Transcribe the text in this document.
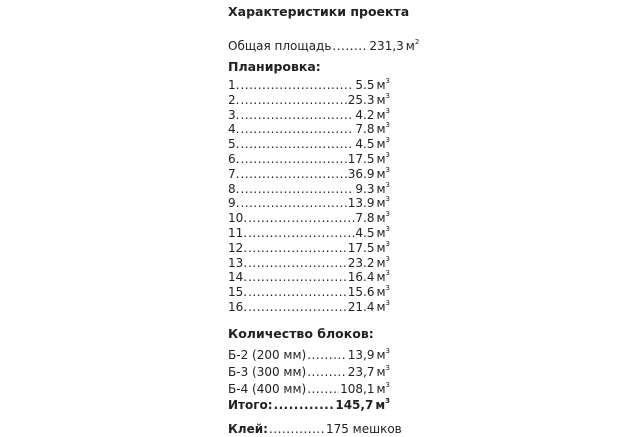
Характеристики проекта
Общая площадь .....	231,3 $м^2$
Планировка:
1. .....	5.5 $м^3$
2. .....	25.3 $м^3$
3. .....	4.2 $м^3$
4. .....	7.8 $м^3$
5. .....	4.5 $м^3$
6. .....	17.5 $м^3$
7. .....	36.9 $м^3$
8. .....	9.3 $м^3$
9. .....	13.9 $м^3$
10. .....	7.8 $м^3$
11. .....	4.5 $м^3$
12. .....	17.5 $м^3$
13. .....	23.2 $м^3$
14. .....	16.4 $м^3$
15. .....	15.6 $м^3$
16. .....	21.4 $м^3$
Количество блоков:
Б-2 (200 мм) .....	13,9 $м^3$
Б-3 (300 мм) .....	23,7 $м^3$
Б-4 (400 мм) .....	108,1 $м^3$
Итого: .....	145,7 $м^3$
Клей: .....	175 мешков
